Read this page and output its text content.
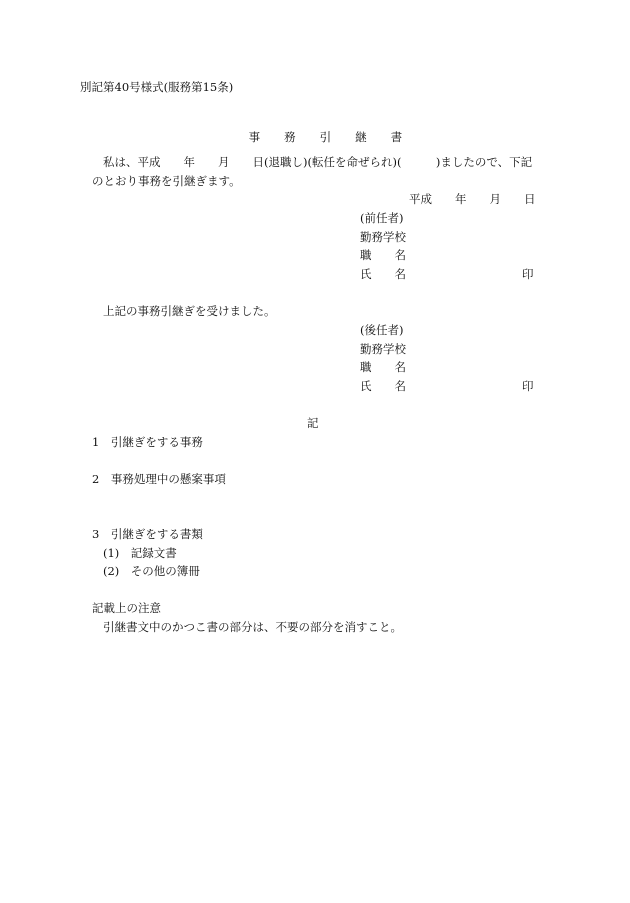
別記第40号様式(服務第15条)

事 務 引 継 書

私は、平成　　年　　月　　日(退職し)(転任を命ぜられ)(　　　)ましたので、下記
のとおり事務を引継ぎます。
平成　　年　　月　　日
(前任者)
勤務学校
職　　名
氏　　名	印
上記の事務引継ぎを受けました。
(後任者)
勤務学校
職　　名
氏　　名	印
記
1　引継ぎをする事務
2　事務処理中の懸案事項
3　引継ぎをする書類
(1)　記録文書
(2)　その他の簿冊
記載上の注意
引継書文中のかつこ書の部分は、不要の部分を消すこと。
